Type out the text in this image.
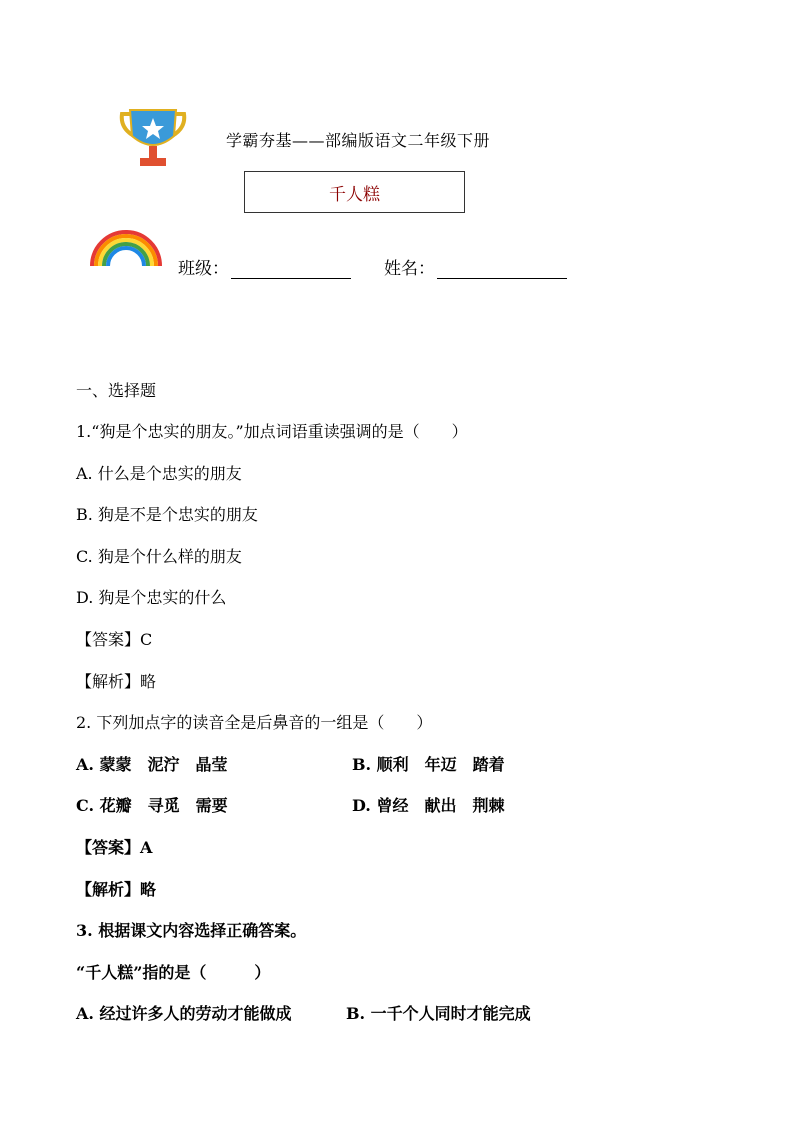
学霸夯基——部编版语文二年级下册
千人糕
班级：	姓名：
一、选择题
1.“狗是个忠实的朋友。”加点词语重读强调的是（　　）
A. 什么是个忠实的朋友
B. 狗是不是个忠实的朋友
C. 狗是个什么样的朋友
D. 狗是个忠实的什么
【答案】C
【解析】略
2. 下列加点字的读音全是后鼻音的一组是（　　）
A. 蒙蒙　泥泞　晶莹	B. 顺利　年迈　踏着
C. 花瓣　寻觅　需要	D. 曾经　献出　荆棘
【答案】A
【解析】略
3. 根据课文内容选择正确答案。
“千人糕”指的是（　　　）
A. 经过许多人的劳动才能做成	B. 一千个人同时才能完成
